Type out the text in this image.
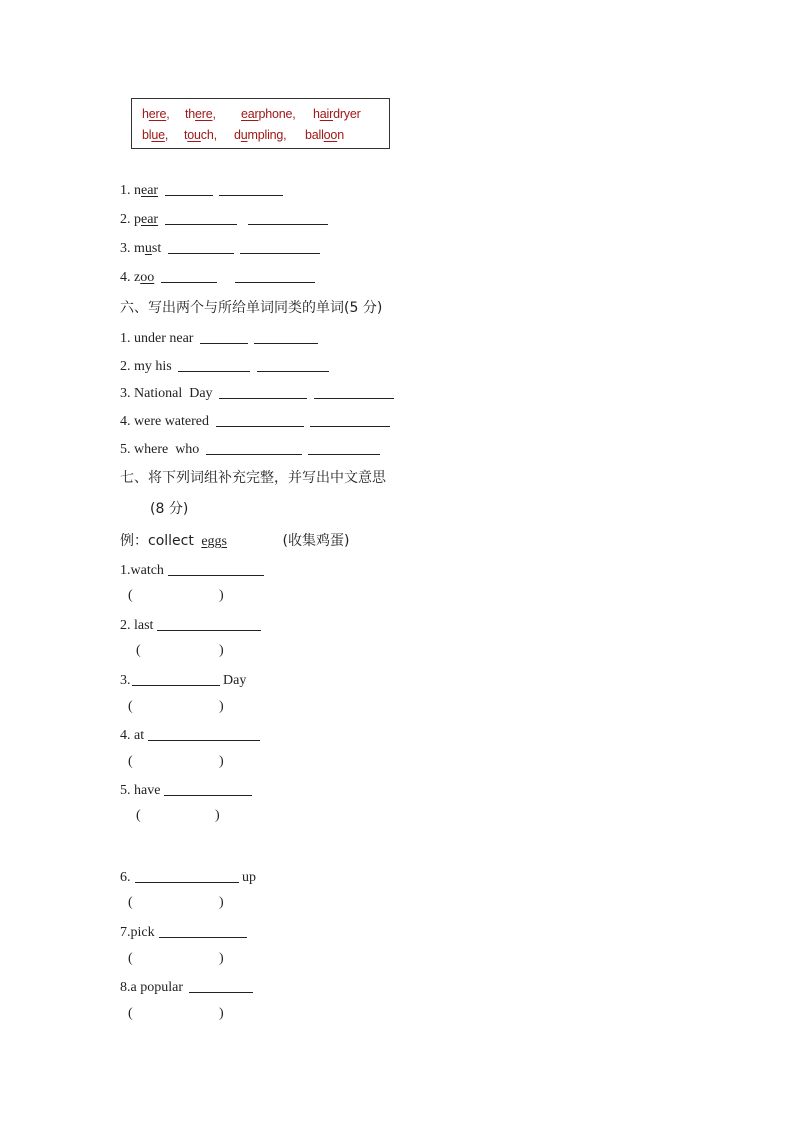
here, there, earphone, hairdryer
blue, touch, dumpling, balloon
1. near
2. pear
3. must
4. zoo
六、写出两个与所给单词同类的单词(5 分)
1. under near
2. my his
3. National  Day
4. were watered
5. where  who
七、将下列词组补充完整，并写出中文意思
(8 分)
例：collect eggs	(收集鸡蛋)
1.watch
(	)
2. last
(	)
3.	Day
(	)
4. at
(	)
5. have
(	)
6.	up
(	)
7.pick
(	)
8.a popular
(	)
